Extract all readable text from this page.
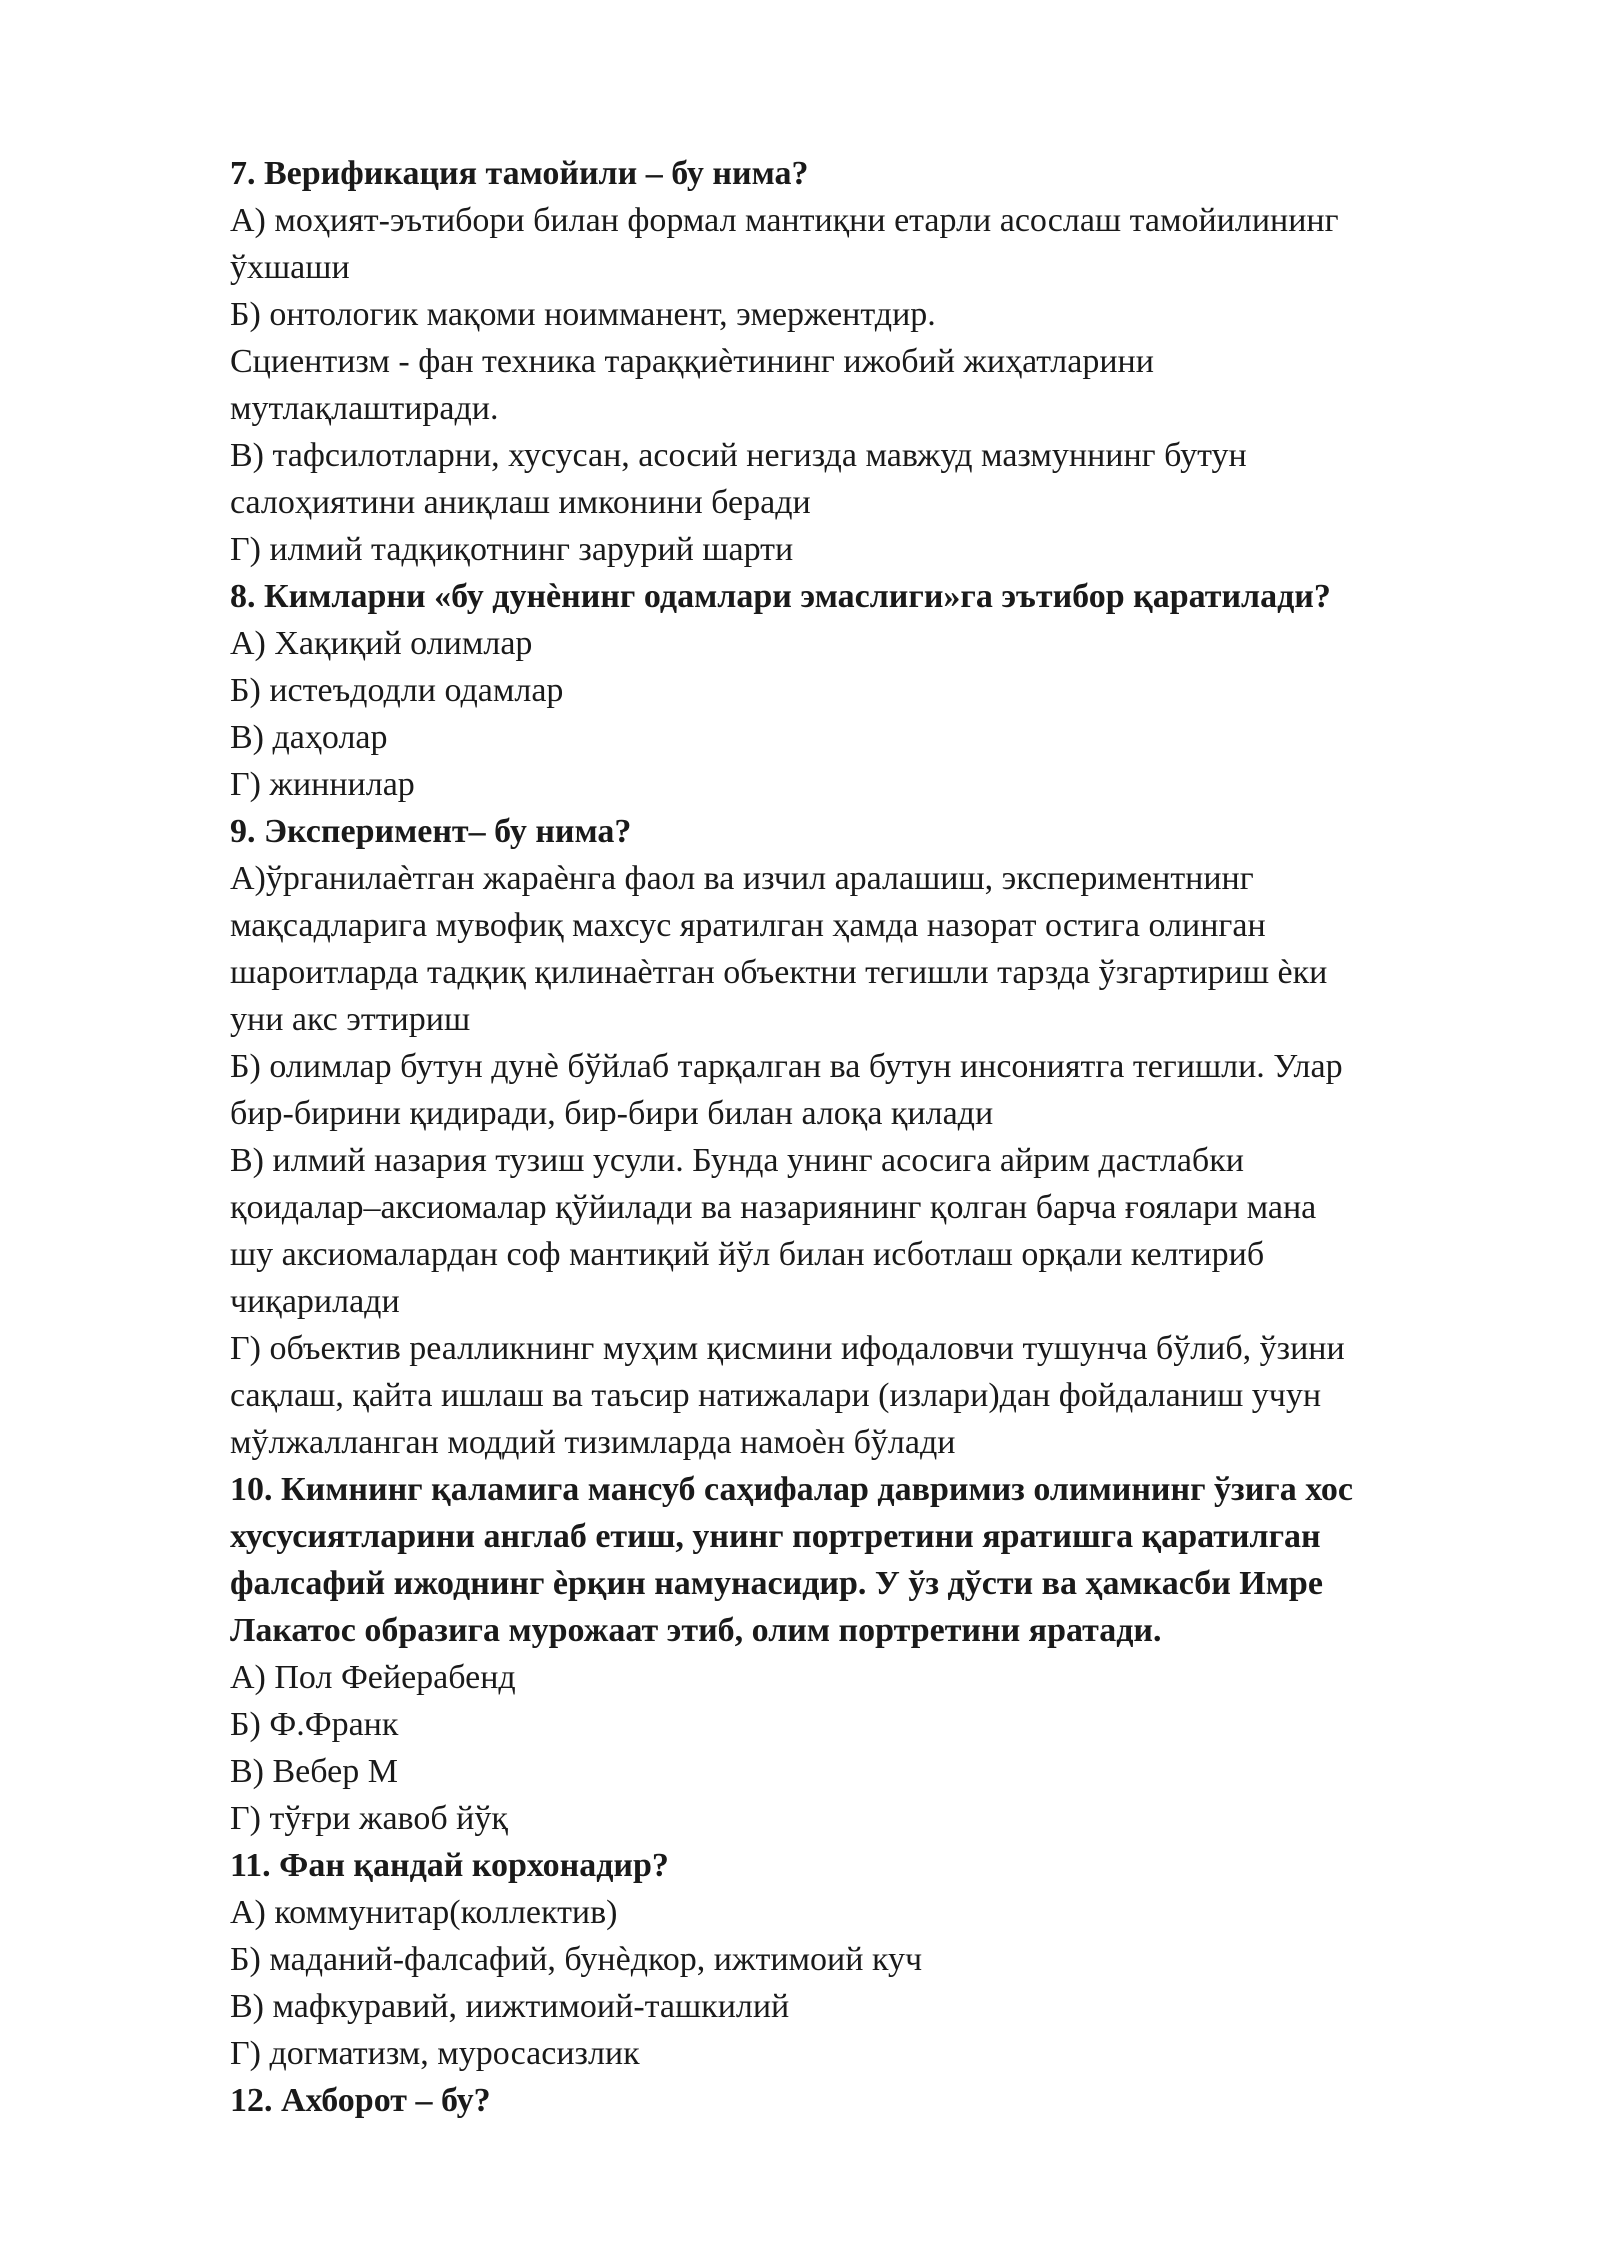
7. Верификация тамойили – бу нима?
А) моҳият-эътибори билан формал мантиқни етарли асослаш тамойилининг
ўхшаши
Б) онтологик мақоми ноимманент, эмержентдир.
Сциентизм - фан техника тараққиѐтининг ижобий жиҳатларини
мутлақлаштиради.
В) тафсилотларни, хусусан, асосий негизда мавжуд мазмуннинг бутун
салоҳиятини аниқлаш имконини беради
Г) илмий тадқиқотнинг зарурий шарти
8. Кимларни «бу дунѐнинг одамлари эмаслиги»га эътибор қаратилади?
А) Хақиқий олимлар
Б) истеъдодли одамлар
В) даҳолар
Г) жиннилар
9. Эксперимент– бу нима?
А)ўрганилаѐтган жараѐнга фаол ва изчил аралашиш, экспериментнинг
мақсадларига мувофиқ махсус яратилган ҳамда назорат остига олинган
шароитларда тадқиқ қилинаѐтган объектни тегишли тарзда ўзгартириш ѐки
уни акс эттириш
Б) олимлар бутун дунѐ бўйлаб тарқалган ва бутун инсониятга тегишли. Улар
бир-бирини қидиради, бир-бири билан алоқа қилади
В) илмий назария тузиш усули. Бунда унинг асосига айрим дастлабки
қоидалар–аксиомалар қўйилади ва назариянинг қолган барча ғоялари мана
шу аксиомалардан соф мантиқий йўл билан исботлаш орқали келтириб
чиқарилади
Г) объектив реалликнинг муҳим қисмини ифодаловчи тушунча бўлиб, ўзини
сақлаш, қайта ишлаш ва таъсир натижалари (излари)дан фойдаланиш учун
мўлжалланган моддий тизимларда намоѐн бўлади
10. Кимнинг қаламига мансуб саҳифалар давримиз олимининг ўзига хос
хусусиятларини англаб етиш, унинг портретини яратишга қаратилган
фалсафий ижоднинг ѐрқин намунасидир. У ўз дўсти ва ҳамкасби Имре
Лакатос образига мурожаат этиб, олим портретини яратади.
А) Пол Фейерабенд
Б) Ф.Франк
В) Вебер М
Г) тўғри жавоб йўқ
11. Фан қандай корхонадир?
А) коммунитар(коллектив)
Б) маданий-фалсафий, бунѐдкор, ижтимоий куч
В) мафкуравий, иижтимоий-ташкилий
Г) догматизм, муросасизлик
12. Ахборот – бу?
